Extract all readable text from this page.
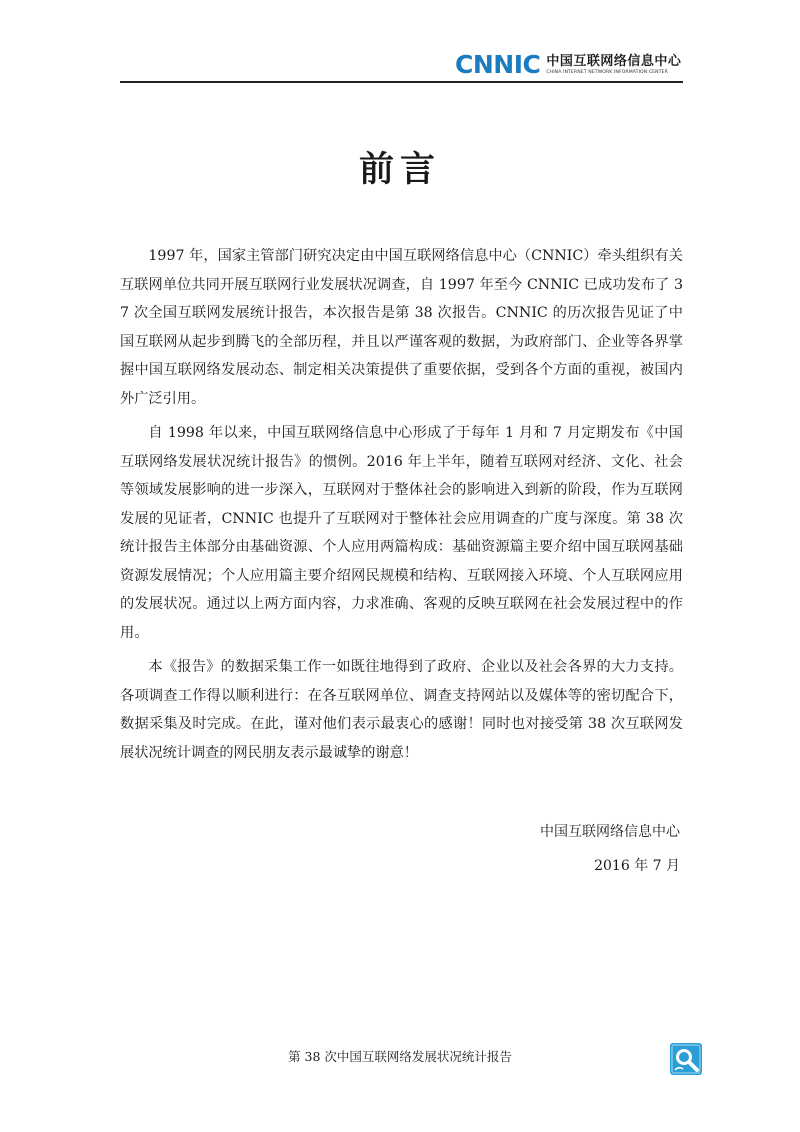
CNNIC 中国互联网络信息中心
CHINA INTERNET NETWORK INFORMATION CENTER
前言

1997 年，国家主管部门研究决定由中国互联网络信息中心（CNNIC）牵头组织有关互联网单位共同开展互联网行业发展状况调查，自 1997 年至今 CNNIC 已成功发布了 37 次全国互联网发展统计报告，本次报告是第 38 次报告。CNNIC 的历次报告见证了中国互联网从起步到腾飞的全部历程，并且以严谨客观的数据，为政府部门、企业等各界掌握中国互联网络发展动态、制定相关决策提供了重要依据，受到各个方面的重视，被国内外广泛引用。

自 1998 年以来，中国互联网络信息中心形成了于每年 1 月和 7 月定期发布《中国互联网络发展状况统计报告》的惯例。2016 年上半年，随着互联网对经济、文化、社会等领域发展影响的进一步深入，互联网对于整体社会的影响进入到新的阶段，作为互联网发展的见证者，CNNIC 也提升了互联网对于整体社会应用调查的广度与深度。第 38 次统计报告主体部分由基础资源、个人应用两篇构成：基础资源篇主要介绍中国互联网基础资源发展情况；个人应用篇主要介绍网民规模和结构、互联网接入环境、个人互联网应用的发展状况。通过以上两方面内容，力求准确、客观的反映互联网在社会发展过程中的作用。

本《报告》的数据采集工作一如既往地得到了政府、企业以及社会各界的大力支持。各项调查工作得以顺利进行：在各互联网单位、调查支持网站以及媒体等的密切配合下，数据采集及时完成。在此，谨对他们表示最衷心的感谢！同时也对接受第 38 次互联网发展状况统计调查的网民朋友表示最诚挚的谢意！

中国互联网络信息中心
2016 年 7 月
第 38 次中国互联网络发展状况统计报告
